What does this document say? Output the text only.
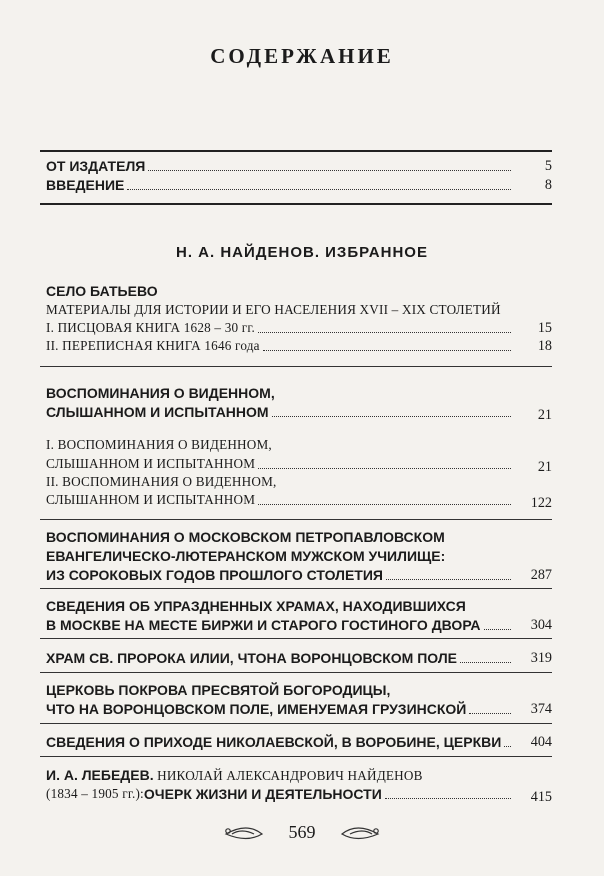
СОДЕРЖАНИЕ
ОТ ИЗДАТЕЛЯ	5
ВВЕДЕНИЕ	8
Н. А. НАЙДЕНОВ. ИЗБРАННОЕ
СЕЛО БАТЬЕВО
МАТЕРИАЛЫ ДЛЯ ИСТОРИИ И ЕГО НАСЕЛЕНИЯ XVII – XIX СТОЛЕТИЙ
I. ПИСЦОВАЯ КНИГА 1628 – 30 гг.	15
II. ПЕРЕПИСНАЯ КНИГА 1646 года	18
ВОСПОМИНАНИЯ О ВИДЕННОМ,
СЛЫШАННОМ И ИСПЫТАННОМ	21
I. ВОСПОМИНАНИЯ О ВИДЕННОМ,
СЛЫШАННОМ И ИСПЫТАННОМ	21
II. ВОСПОМИНАНИЯ О ВИДЕННОМ,
СЛЫШАННОМ И ИСПЫТАННОМ	122
ВОСПОМИНАНИЯ О МОСКОВСКОМ ПЕТРОПАВЛОВСКОМ
ЕВАНГЕЛИЧЕСКО-ЛЮТЕРАНСКОМ МУЖСКОМ УЧИЛИЩЕ:
ИЗ СОРОКОВЫХ ГОДОВ ПРОШЛОГО СТОЛЕТИЯ	287
СВЕДЕНИЯ ОБ УПРАЗДНЕННЫХ ХРАМАХ, НАХОДИВШИХСЯ
В МОСКВЕ НА МЕСТЕ БИРЖИ И СТАРОГО ГОСТИНОГО ДВОРА	304
ХРАМ СВ. ПРОРОКА ИЛИИ, ЧТОНА ВОРОНЦОВСКОМ ПОЛЕ	319
ЦЕРКОВЬ ПОКРОВА ПРЕСВЯТОЙ БОГОРОДИЦЫ,
ЧТО НА ВОРОНЦОВСКОМ ПОЛЕ, ИМЕНУЕМАЯ ГРУЗИНСКОЙ	374
СВЕДЕНИЯ О ПРИХОДЕ НИКОЛАЕВСКОЙ, В ВОРОБИНЕ, ЦЕРКВИ 404
И. А. ЛЕБЕДЕВ. НИКОЛАЙ АЛЕКСАНДРОВИЧ НАЙДЕНОВ
(1834 – 1905 гг.): ОЧЕРК ЖИЗНИ И ДЕЯТЕЛЬНОСТИ	415
569
